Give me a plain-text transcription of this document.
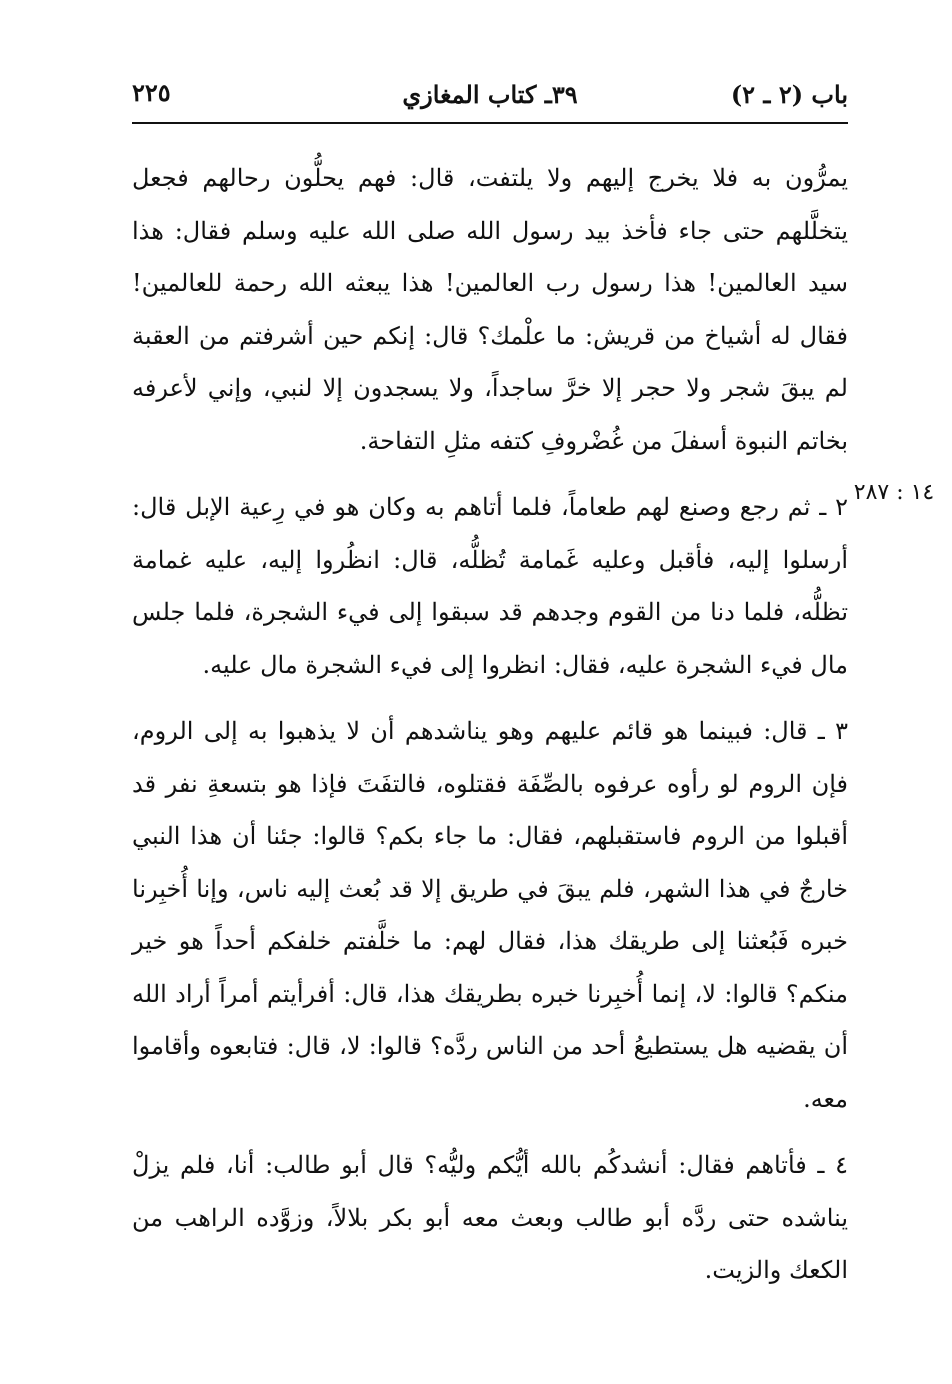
باب (٢ ـ ٢)
٣٩ـ كتاب المغازي
٢٢٥
١٤ : ٢٨٧

يمرُّون به فلا يخرج إليهم ولا يلتفت، قال: فهم يحلُّون رحالهم فجعل يتخلَّلهم حتى جاء فأخذ بيد رسول الله صلى الله عليه وسلم فقال: هذا سيد العالمين! هذا رسول رب العالمين! هذا يبعثه الله رحمة للعالمين! فقال له أشياخ من قريش: ما علْمك؟ قال: إنكم حين أشرفتم من العقبة لم يبقَ شجر ولا حجر إلا خرَّ ساجداً، ولا يسجدون إلا لنبي، وإني لأعرفه بخاتم النبوة أسفلَ من غُضْروفِ كتفه مثلِ التفاحة.

٢ ـ ثم رجع وصنع لهم طعاماً، فلما أتاهم به وكان هو في رِعية الإبل قال: أرسلوا إليه، فأقبل وعليه غَمامة تُظلُّه، قال: انظُروا إليه، عليه غمامة تظلُّه، فلما دنا من القوم وجدهم قد سبقوا إلى فيء الشجرة، فلما جلس مال فيء الشجرة عليه، فقال: انظروا إلى فيء الشجرة مال عليه.

٣ ـ قال: فبينما هو قائم عليهم وهو يناشدهم أن لا يذهبوا به إلى الروم، فإن الروم لو رأوه عرفوه بالصِّفَة فقتلوه، فالتفَتَ فإذا هو بتسعةِ نفر قد أقبلوا من الروم فاستقبلهم، فقال: ما جاء بكم؟ قالوا: جئنا أن هذا النبي خارجٌ في هذا الشهر، فلم يبقَ في طريق إلا قد بُعث إليه ناس، وإنا أُخبِرنا خبره فَبُعثنا إلى طريقك هذا، فقال لهم: ما خلَّفتم خلفكم أحداً هو خير منكم؟ قالوا: لا، إنما أُخبِرنا خبره بطريقك هذا، قال: أفرأيتم أمراً أراد الله أن يقضيه هل يستطيعُ أحد من الناس ردَّه؟ قالوا: لا، قال: فتابعوه وأقاموا معه.

٤ ـ فأتاهم فقال: أنشدكُم بالله أيُّكم وليُّه؟ قال أبو طالب: أنا، فلم يزلْ يناشده حتى ردَّه أبو طالب وبعث معه أبو بكر بلالاً، وزوَّده الراهب من الكعك والزيت.
